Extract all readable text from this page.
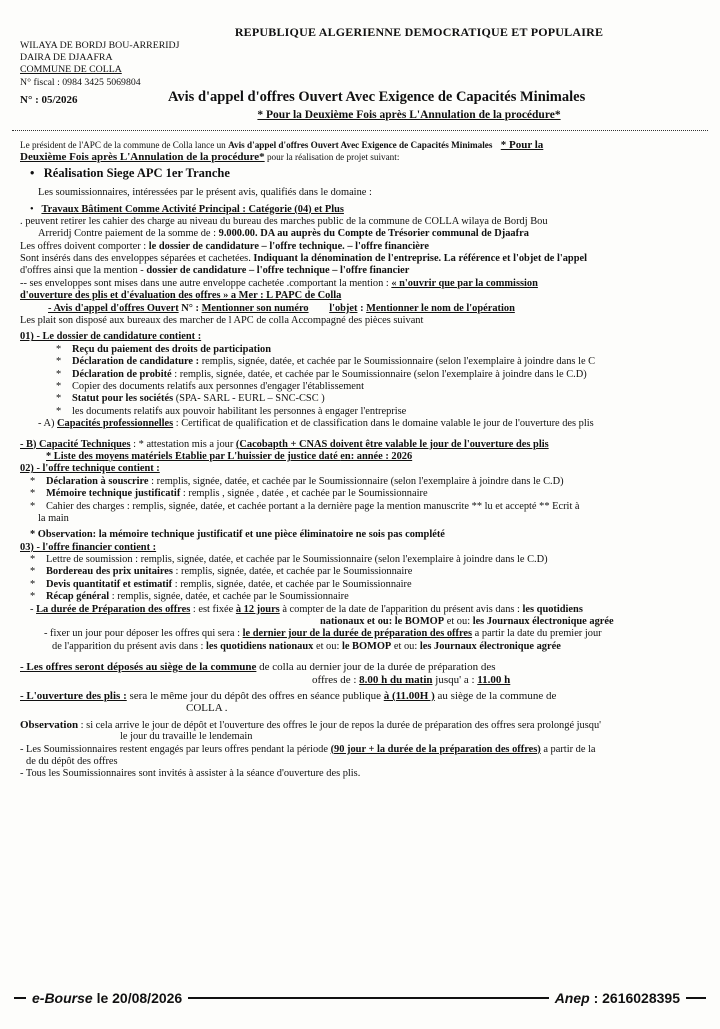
REPUBLIQUE ALGERIENNE DEMOCRATIQUE ET POPULAIRE
WILAYA DE BORDJ BOU-ARRERIDJ
DAIRA DE DJAAFRA
COMMUNE DE COLLA
N° fiscal : 0984 3425 5069804
N° : 05/2026	Avis d'appel d'offres Ouvert Avec Exigence de Capacités Minimales
* Pour la Deuxième Fois après L'Annulation de la procédure*
Le président de l'APC de la commune de Colla lance un Avis d'appel d'offres Ouvert Avec Exigence de Capacités Minimales * Pour la
Deuxième Fois après L'Annulation de la procédure* pour la réalisation de projet suivant:
•   Réalisation Siege APC 1er Tranche
Les soumissionnaires, intéressées par le présent avis, qualifiés dans le domaine :
•   Travaux Bâtiment Comme Activité Principal : Catégorie (04) et Plus
. peuvent retirer les cahier des charge au niveau du bureau des marches public de la commune de COLLA wilaya de Bordj Bou
Arreridj Contre paiement de la somme de : 9.000.00. DA au auprès du Compte de Trésorier communal de Djaafra
Les offres doivent comporter : le dossier de candidature – l'offre technique. – l'offre financière
Sont insérés dans des enveloppes séparées et cachetées. Indiquant la dénomination de l'entreprise. La référence et l'objet de l'appel
d'offres ainsi que la mention - dossier de candidature – l'offre technique – l'offre financier
-- ses enveloppes sont mises dans une autre enveloppe cachetée .comportant la mention : « n'ouvrir que par la commission
d'ouverture des plis et d'évaluation des offres » a Mer : L PAPC de Colla
- Avis d'appel d'offres Ouvert N° : Mentionner son numéro l'objet : Mentionner le nom de l'opération
Les plait son disposé aux bureaux des marcher de l APC de colla Accompagné des pièces suivant
01) - Le dossier de candidature contient :
* Reçu du paiement des droits de participation
* Déclaration de candidature : remplis, signée, datée, et cachée par le Soumissionnaire (selon l'exemplaire à joindre dans le C
* Déclaration de probité : remplis, signée, datée, et cachée par le Soumissionnaire (selon l'exemplaire à joindre dans le C.D)
* Copier des documents relatifs aux personnes d'engager l'établissement
* Statut pour les sociétés (SPA- SARL - EURL – SNC-CSC )
* les documents relatifs aux pouvoir habilitant les personnes à engager l'entreprise
- A) Capacités professionnelles : Certificat de qualification et de classification dans le domaine valable le jour de l'ouverture des plis
- B) Capacité Techniques : * attestation mis a jour (Cacobapth + CNAS doivent être valable le jour de l'ouverture des plis
* Liste des moyens matériels Établie par L'huissier de justice daté en: année : 2026
02) - l'offre technique contient :
* Déclaration à souscrire : remplis, signée, datée, et cachée par le Soumissionnaire (selon l'exemplaire à joindre dans le C.D)
* Mémoire technique justificatif : remplis , signée , datée , et cachée par le Soumissionnaire
* Cahier des charges : remplis, signée, datée, et cachée portant a la dernière page la mention manuscrite ** lu et accepté ** Ecrit à
la main
* Observation: la mémoire technique justificatif et une pièce éliminatoire ne sois pas complété
03) - l'offre financier contient :
* Lettre de soumission : remplis, signée, datée, et cachée par le Soumissionnaire (selon l'exemplaire à joindre dans le C.D)
* Bordereau des prix unitaires : remplis, signée, datée, et cachée par le Soumissionnaire
* Devis quantitatif et estimatif : remplis, signée, datée, et cachée par le Soumissionnaire
* Récap général : remplis, signée, datée, et cachée par le Soumissionnaire
- La durée de Préparation des offres : est fixée à 12 jours à compter de la date de l'apparition du présent avis dans : les quotidiens
nationaux et ou: le BOMOP et ou: les Journaux électronique agrée
- fixer un jour pour déposer les offres qui sera : le dernier jour de la durée de préparation des offres a partir la date du premier jour
de l'apparition du présent avis dans : les quotidiens nationaux et ou: le BOMOP et ou: les Journaux électronique agrée
- Les offres seront déposés au siège de la commune de colla au dernier jour de la durée de préparation des
offres de : 8.00 h du matin jusqu' a : 11.00 h
- L'ouverture des plis : sera le même jour du dépôt des offres en séance publique à (11.00H ) au siège de la commune de
COLLA .
Observation : si cela arrive le jour de dépôt et l'ouverture des offres le jour de repos la durée de préparation des offres sera prolongé jusqu'
le jour du travaille le lendemain
- Les Soumissionnaires restent engagés par leurs offres pendant la période (90 jour + la durée de la préparation des offres) a partir de la
de du dépôt des offres
- Tous les Soumissionnaires sont invités à assister à la séance d'ouverture des plis.
e-Bourse le 20/08/2026	Anep : 2616028395
